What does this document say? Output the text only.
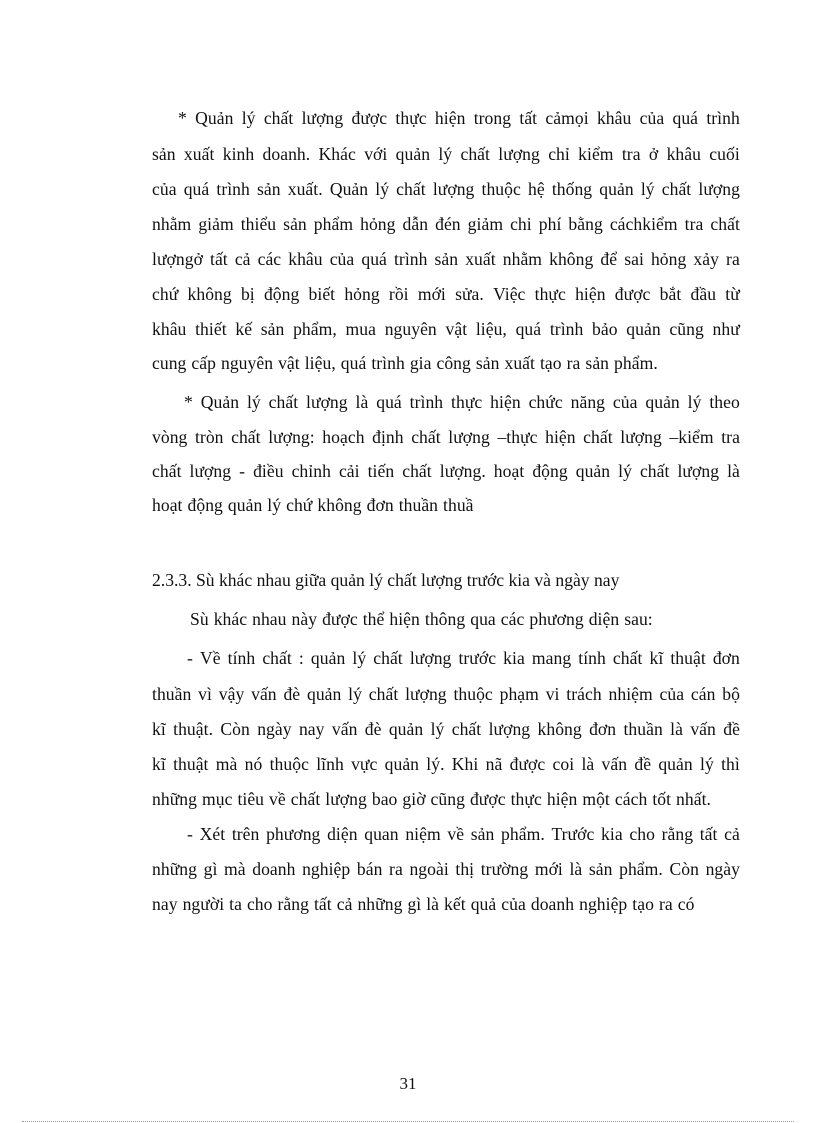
* Quản lý chất lượng được thực hiện trong tất cảmọi khâu của quá trình
sản xuất kinh doanh. Khác với quản lý chất lượng chỉ kiểm tra ở khâu cuối
của quá trình sản xuất. Quản lý chất lượng thuộc hệ thống quản lý chất lượng
nhằm giảm thiểu sản phẩm hỏng dẫn đén giảm chi phí bằng cáchkiểm tra chất
lượngở tất cả các khâu của quá trình sản xuất nhằm không để sai hỏng xảy ra
chứ không bị động biết hỏng rồi mới sửa. Việc thực hiện được bắt đầu từ
khâu thiết kế sản phẩm, mua nguyên vật liệu, quá trình bảo quản cũng như
cung cấp nguyên vật liệu, quá trình gia công sản xuất tạo ra sản phẩm.
* Quản lý chất lượng là quá trình thực hiện chức năng của quản lý theo
vòng tròn chất lượng: hoạch định chất lượng –thực hiện chất lượng –kiểm tra
chất lượng - điều chỉnh cải tiến chất lượng. hoạt động quản lý chất lượng là
hoạt động quản lý chứ không đơn thuần thuầ
Sù khác nhau này được thể hiện thông qua các phương diện sau:
- Về tính chất : quản lý chất lượng trước kia mang tính chất kĩ thuật đơn
thuần vì vậy vấn đè quản lý chất lượng thuộc phạm vi trách nhiệm của cán bộ
kĩ thuật. Còn ngày nay vấn đè quản lý chất lượng không đơn thuần là vấn đề
kĩ thuật mà nó thuộc lĩnh vực quản lý. Khi nã được coi là vấn đề quản lý thì
những mục tiêu về chất lượng bao giờ cũng được thực hiện một cách tốt nhất.
- Xét trên phương diện quan niệm về sản phẩm. Trước kia cho rằng tất cả
những gì mà doanh nghiệp bán ra ngoài thị trường mới là sản phẩm. Còn ngày
nay người ta cho rằng tất cả những gì là kết quả của doanh nghiệp tạo ra có
2.3.3. Sù khác nhau giữa quản lý chất lượng trước kia và ngày nay
31
